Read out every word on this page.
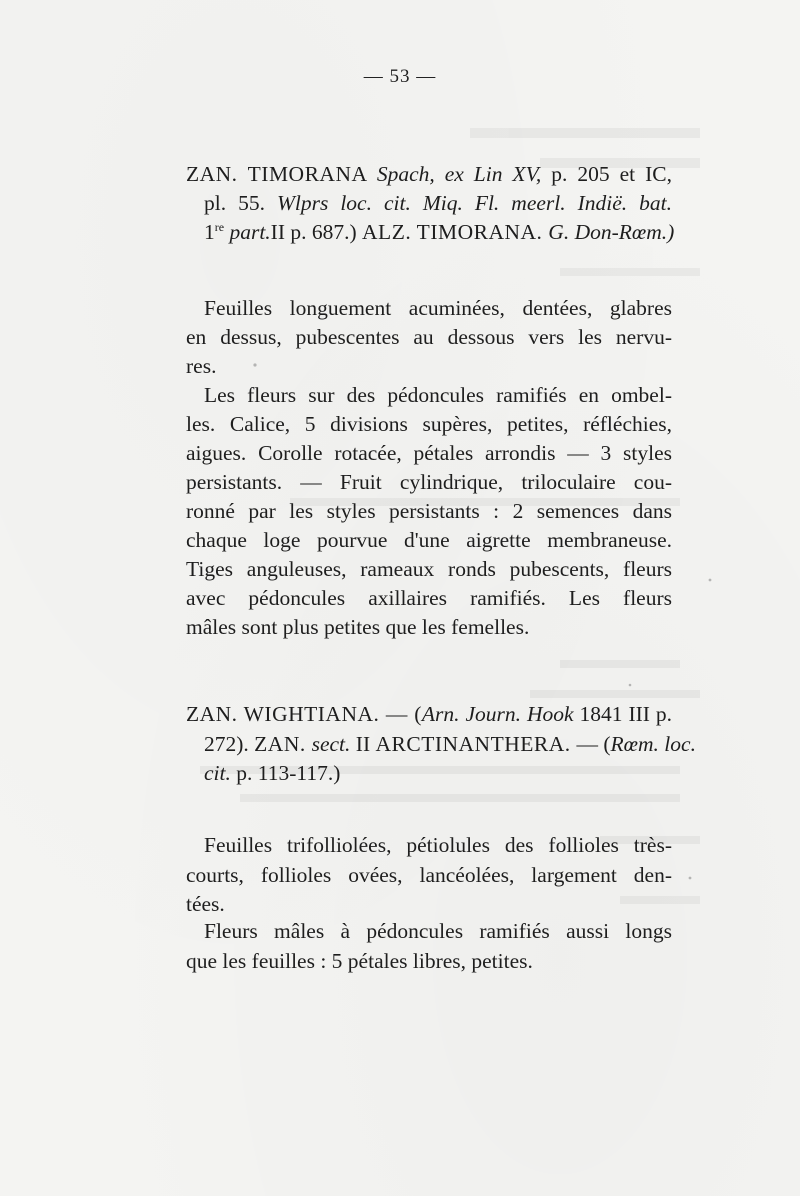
— 53 —
ZAN. TIMORANA Spach, ex Lin XV, p. 205 et IC,
pl. 55. Wlprs loc. cit. Miq. Fl. meerl. Indië. bat.
1re part.II p. 687.) ALZ. TIMORANA. G. Don-Rœm.)
Feuilles longuement acuminées, dentées, glabres
en dessus, pubescentes au dessous vers les nervu-
res.
Les fleurs sur des pédoncules ramifiés en ombel-
les. Calice, 5 divisions supères, petites, réfléchies,
aigues. Corolle rotacée, pétales arrondis — 3 styles
persistants. — Fruit cylindrique, triloculaire cou-
ronné par les styles persistants : 2 semences dans
chaque loge pourvue d'une aigrette membraneuse.
Tiges anguleuses, rameaux ronds pubescents, fleurs
avec pédoncules axillaires ramifiés. Les fleurs
mâles sont plus petites que les femelles.
ZAN. WIGHTIANA. — (Arn. Journ. Hook 1841 III p.
272). ZAN. sect. II ARCTINANTHERA. — (Rœm. loc.
cit. p. 113-117.)
Feuilles trifolliolées, pétiolules des follioles très-
courts, follioles ovées, lancéolées, largement den-
tées.
Fleurs mâles à pédoncules ramifiés aussi longs
que les feuilles : 5 pétales libres, petites.
